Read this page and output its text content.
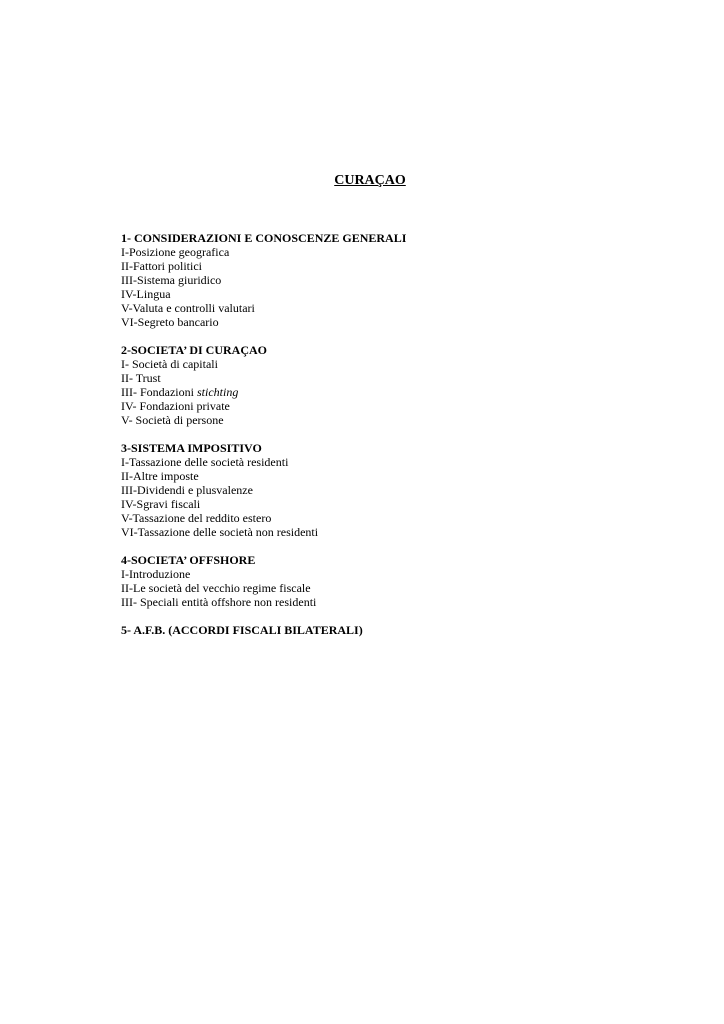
CURAÇAO
1- CONSIDERAZIONI E CONOSCENZE GENERALI
I-Posizione geografica
II-Fattori politici
III-Sistema giuridico
IV-Lingua
V-Valuta e controlli valutari
VI-Segreto bancario
2-SOCIETA’ DI CURAÇAO
I- Società di capitali
II- Trust
III- Fondazioni stichting
IV- Fondazioni private
V- Società di persone
3-SISTEMA IMPOSITIVO
I-Tassazione delle società residenti
II-Altre imposte
III-Dividendi e plusvalenze
IV-Sgravi fiscali
V-Tassazione del reddito estero
VI-Tassazione delle società non residenti
4-SOCIETA’ OFFSHORE
I-Introduzione
II-Le società del vecchio regime fiscale
III- Speciali entità offshore non residenti
5- A.F.B. (ACCORDI FISCALI BILATERALI)
